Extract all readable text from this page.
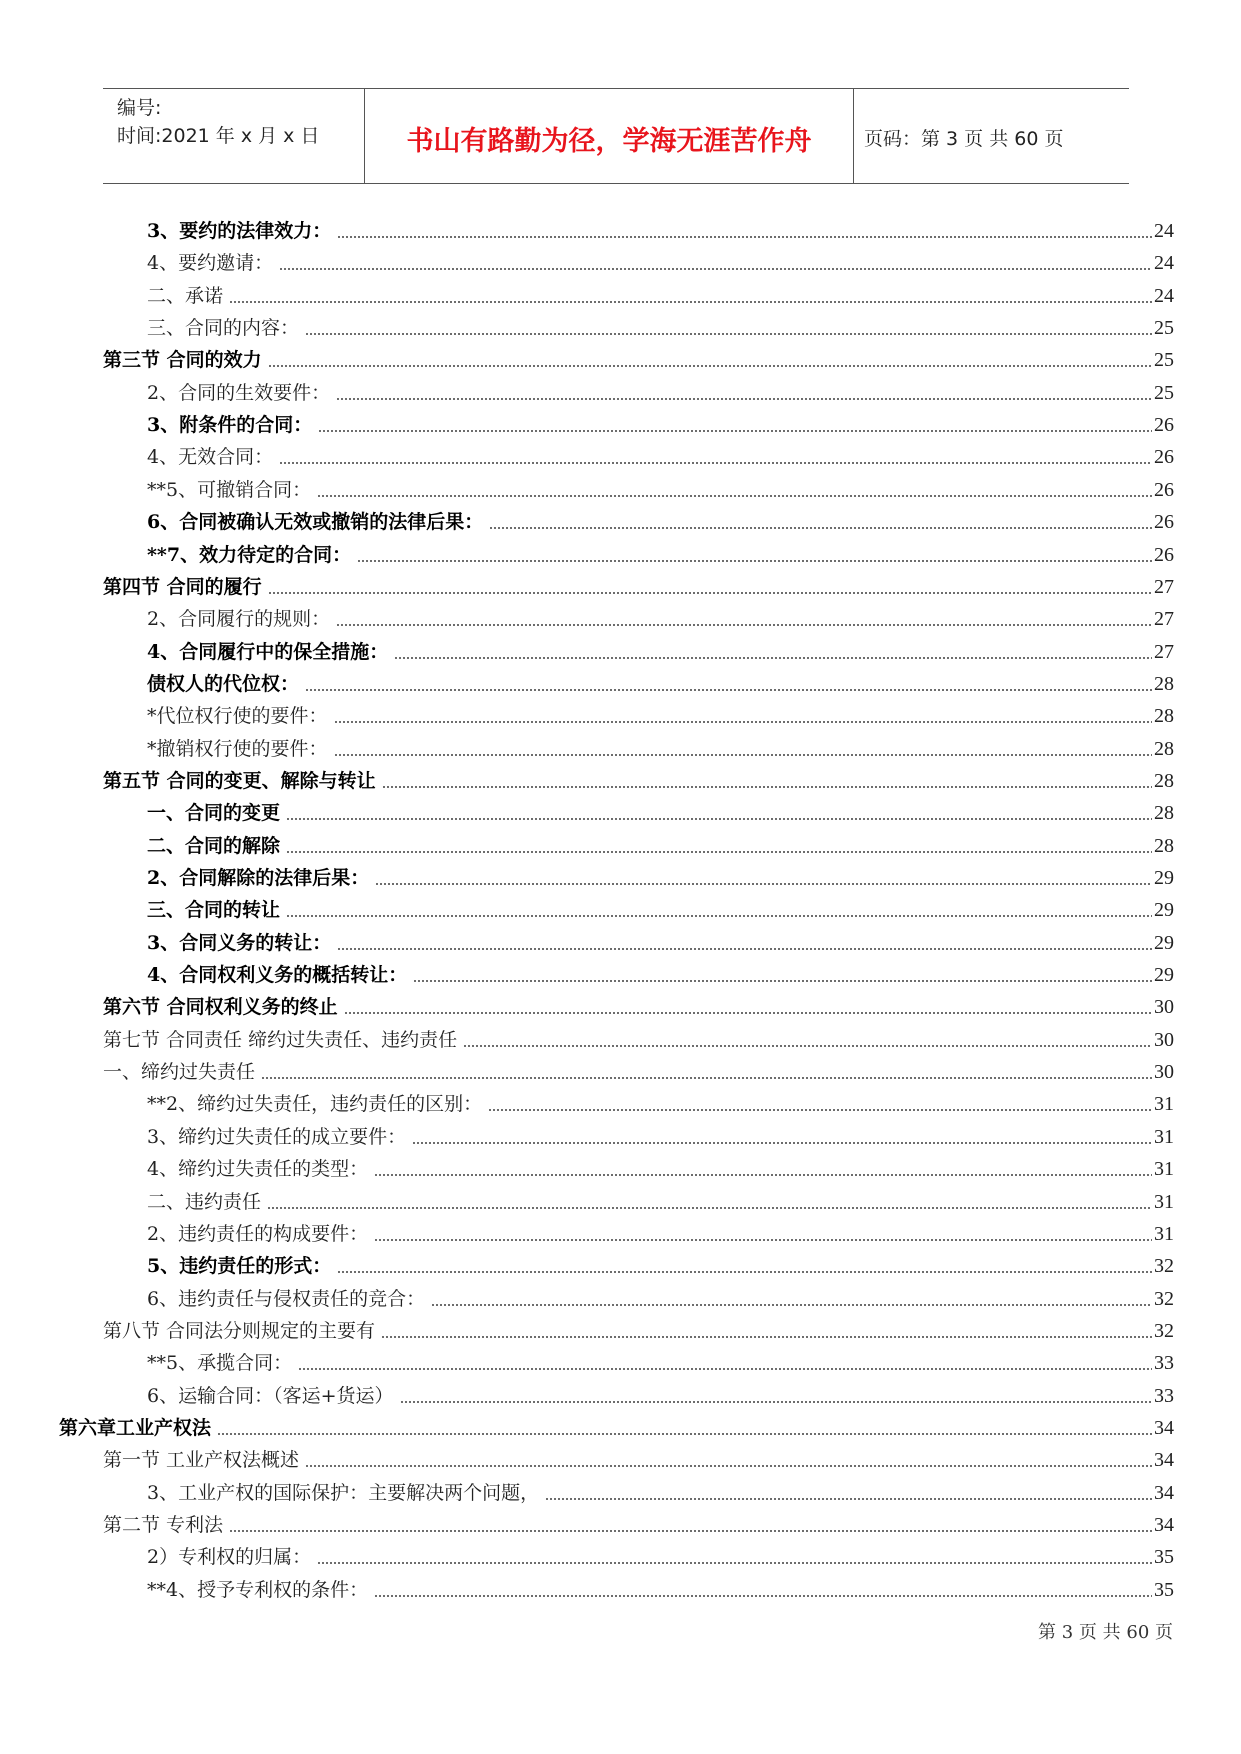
编号:
时间:2021 年 x 月 x 日	书山有路勤为径，学海无涯苦作舟	页码：第 3 页 共 60 页
3、要约的法律效力：	24
4、要约邀请：	24
二、承诺	24
三、合同的内容：	25
第三节 合同的效力	25
2、合同的生效要件：	25
3、附条件的合同：	26
4、无效合同：	26
**5、可撤销合同：	26
6、合同被确认无效或撤销的法律后果：	26
**7、效力待定的合同：	26
第四节 合同的履行	27
2、合同履行的规则：	27
4、合同履行中的保全措施：	27
债权人的代位权：	28
*代位权行使的要件：	28
*撤销权行使的要件：	28
第五节 合同的变更、解除与转让	28
一、合同的变更	28
二、合同的解除	28
2、合同解除的法律后果：	29
三、合同的转让	29
3、合同义务的转让：	29
4、合同权利义务的概括转让：	29
第六节 合同权利义务的终止	30
第七节 合同责任 缔约过失责任、违约责任	30
一、缔约过失责任	30
**2、缔约过失责任，违约责任的区别：	31
3、缔约过失责任的成立要件：	31
4、缔约过失责任的类型：	31
二、违约责任	31
2、违约责任的构成要件：	31
5、违约责任的形式：	32
6、违约责任与侵权责任的竞合：	32
第八节 合同法分则规定的主要有	32
**5、承揽合同：	33
6、运输合同：（客运+货运）	33
第六章工业产权法	34
第一节 工业产权法概述	34
3、工业产权的国际保护：主要解决两个问题，	34
第二节 专利法	34
2）专利权的归属：	35
**4、授予专利权的条件：	35
第 3 页 共 60 页
